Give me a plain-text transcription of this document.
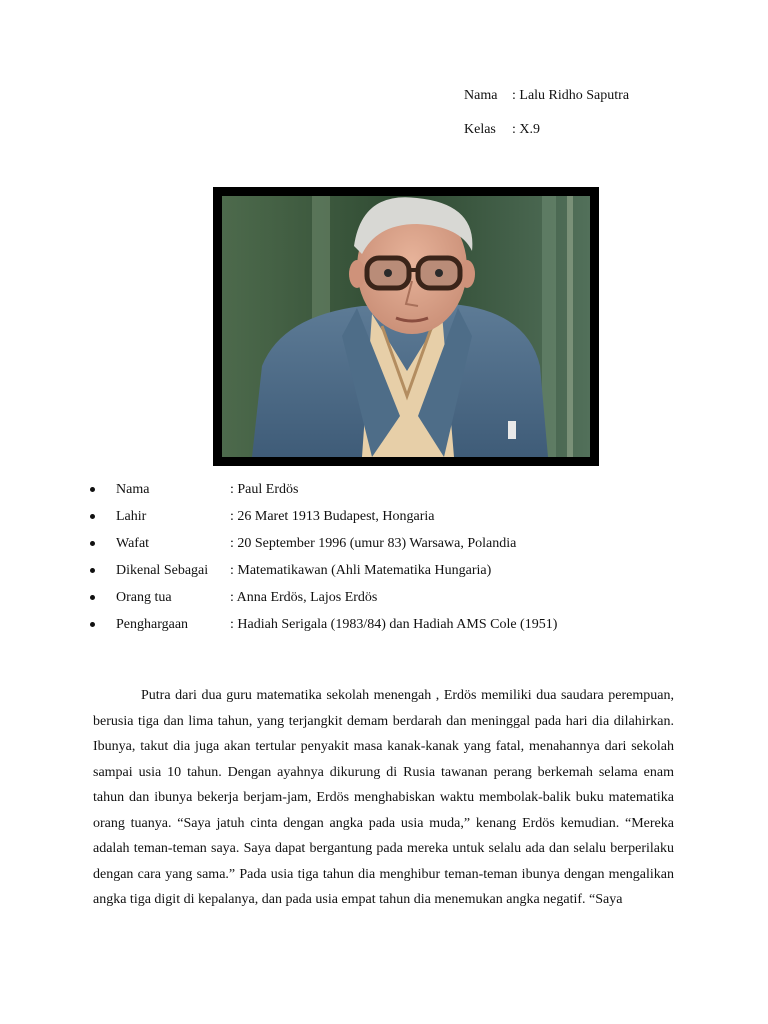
Nama : Lalu Ridho Saputra
Kelas : X.9
Nama	: Paul Erdös
Lahir	: 26 Maret 1913 Budapest, Hongaria
Wafat	: 20 September 1996 (umur 83) Warsawa, Polandia
Dikenal Sebagai : Matematikawan (Ahli Matematika Hungaria)
Orang tua	: Anna Erdös, Lajos Erdös
Penghargaan	: Hadiah Serigala (1983/84) dan Hadiah AMS Cole (1951)

Putra dari dua guru matematika sekolah menengah , Erdös memiliki dua saudara perempuan, berusia tiga dan lima tahun, yang terjangkit demam berdarah dan meninggal pada hari dia dilahirkan. Ibunya, takut dia juga akan tertular penyakit masa kanak-kanak yang fatal, menahannya dari sekolah sampai usia 10 tahun. Dengan ayahnya dikurung di Rusia tawanan perang berkemah selama enam tahun dan ibunya bekerja berjam-jam, Erdös menghabiskan waktu membolak-balik buku matematika orang tuanya. “Saya jatuh cinta dengan angka pada usia muda,” kenang Erdös kemudian. “Mereka adalah teman-teman saya. Saya dapat bergantung pada mereka untuk selalu ada dan selalu berperilaku dengan cara yang sama.” Pada usia tiga tahun dia menghibur teman-teman ibunya dengan mengalikan angka tiga digit di kepalanya, dan pada usia empat tahun dia menemukan angka negatif. “Saya
